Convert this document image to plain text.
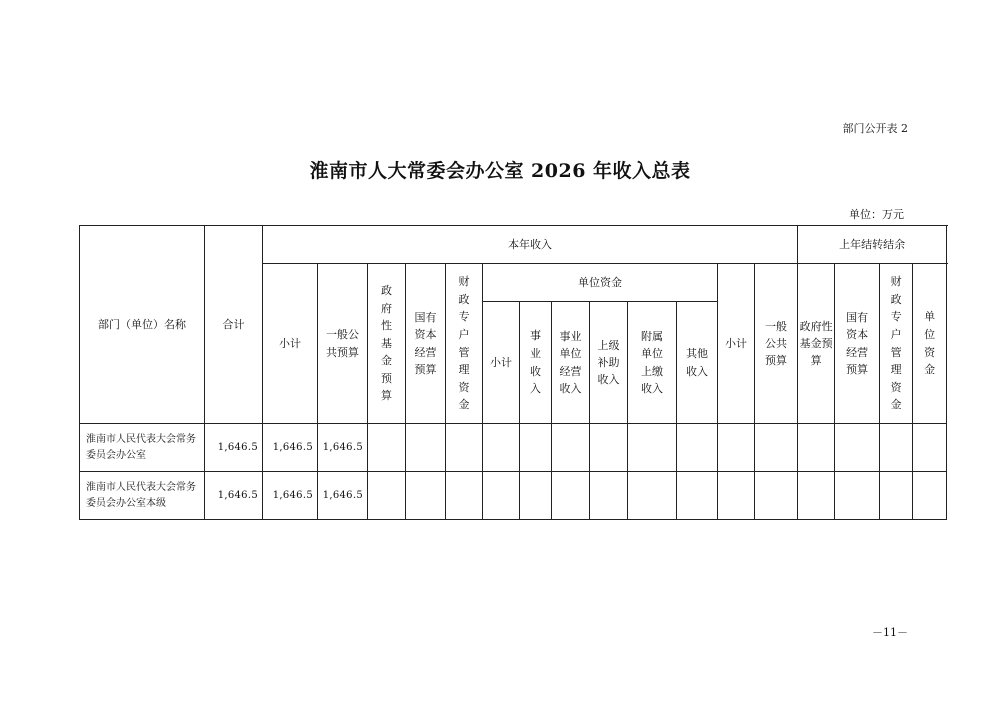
部门公开表 2
淮南市人大常委会办公室 2026 年收入总表
单位：万元
部门（单位）名称	合计	本年收入													上年结转结余			
		小计	一般公共预算	政府性基金预算	国有资本经营预算	财政专户管理资金	单位资金						小计	一般公共预算	政府性基金预算	国有资本经营预算	财政专户管理资金	单位资金

							小计	事业收入	事业单位经营收入	上级补助收入	附属单位上缴收入	其他收入						

淮南市人民代表大会常务委员会办公室	1,646.5	1,646.5	1,646.5															
淮南市人民代表大会常务委员会办公室本级	1,646.5	1,646.5	1,646.5															
－11－
